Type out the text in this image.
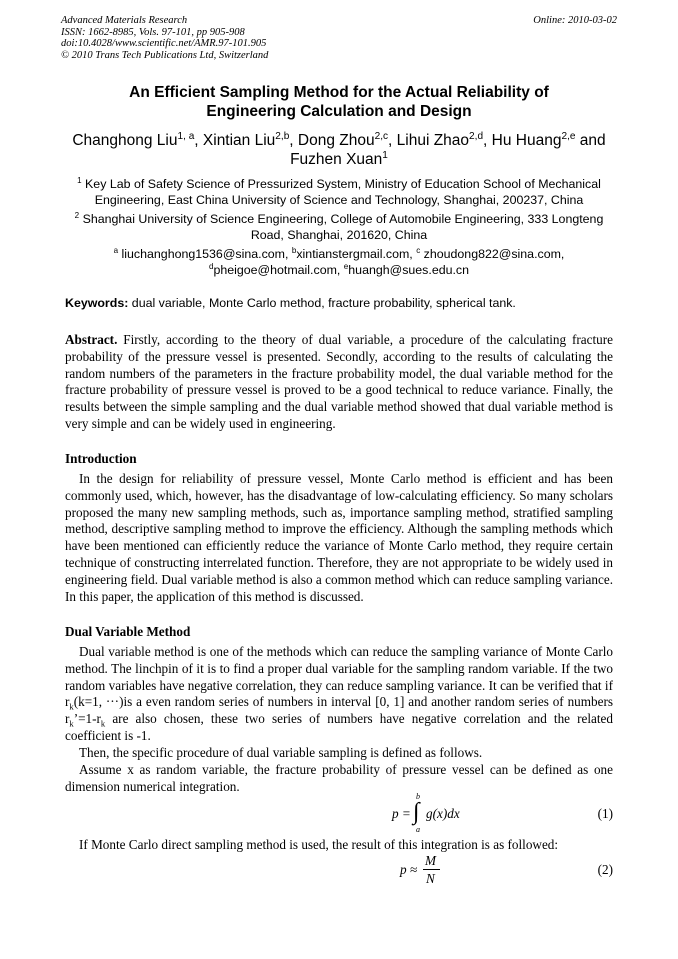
Advanced Materials Research
ISSN: 1662-8985, Vols. 97-101, pp 905-908
doi:10.4028/www.scientific.net/AMR.97-101.905
© 2010 Trans Tech Publications Ltd, Switzerland
Online: 2010-03-02
An Efficient Sampling Method for the Actual Reliability of
Engineering Calculation and Design
Changhong Liu$^{1, a}$, Xintian Liu$^{2,b}$, Dong Zhou$^{2,c}$, Lihui Zhao$^{2,d}$, Hu Huang$^{2,e}$ and
Fuzhen Xuan$^1$
$^1$ Key Lab of Safety Science of Pressurized System, Ministry of Education School of Mechanical
Engineering, East China University of Science and Technology, Shanghai, 200237, China
$^2$ Shanghai University of Science Engineering, College of Automobile Engineering, 333 Longteng
Road, Shanghai, 201620, China
$^a$ liuchanghong1536@sina.com, $^b$xintianstergmail.com, $^c$ zhoudong822@sina.com,
$^d$pheigoe@hotmail.com, $^e$huangh@sues.edu.cn
Keywords: dual variable, Monte Carlo method, fracture probability, spherical tank.
Abstract. Firstly, according to the theory of dual variable, a procedure of the calculating fracture probability of the pressure vessel is presented. Secondly, according to the results of calculating the random numbers of the parameters in the fracture probability model, the dual variable method for the fracture probability of pressure vessel is proved to be a good technical to reduce variance. Finally, the results between the simple sampling and the dual variable method showed that dual variable method is very simple and can be widely used in engineering.
Introduction
In the design for reliability of pressure vessel, Monte Carlo method is efficient and has been commonly used, which, however, has the disadvantage of low-calculating efficiency. So many scholars proposed the many new sampling methods, such as, importance sampling method, stratified sampling method, descriptive sampling method to improve the efficiency. Although the sampling methods which have been mentioned can efficiently reduce the variance of Monte Carlo method, they require certain technique of constructing interrelated function. Therefore, they are not appropriate to be widely used in engineering field. Dual variable method is also a common method which can reduce sampling variance. In this paper, the application of this method is discussed.
Dual Variable Method
Dual variable method is one of the methods which can reduce the sampling variance of Monte Carlo method. The linchpin of it is to find a proper dual variable for the sampling random variable. If the two random variables have negative correlation, they can reduce sampling variance. It can be verified that if $r_k(k=1$, ···)is a even random series of numbers in interval [0, 1] and another random series of numbers $r_k’=1-r_k$ are also chosen, these two series of numbers have negative correlation and the related coefficient is -1.
Then, the specific procedure of dual variable sampling is defined as follows.
Assume x as random variable, the fracture probability of pressure vessel can be defined as one dimension numerical integration.
p =
b
∫
a
g(x)dx	(1)
If Monte Carlo direct sampling method is used, the result of this integration is as followed:
p ≈
M
N
(2)
